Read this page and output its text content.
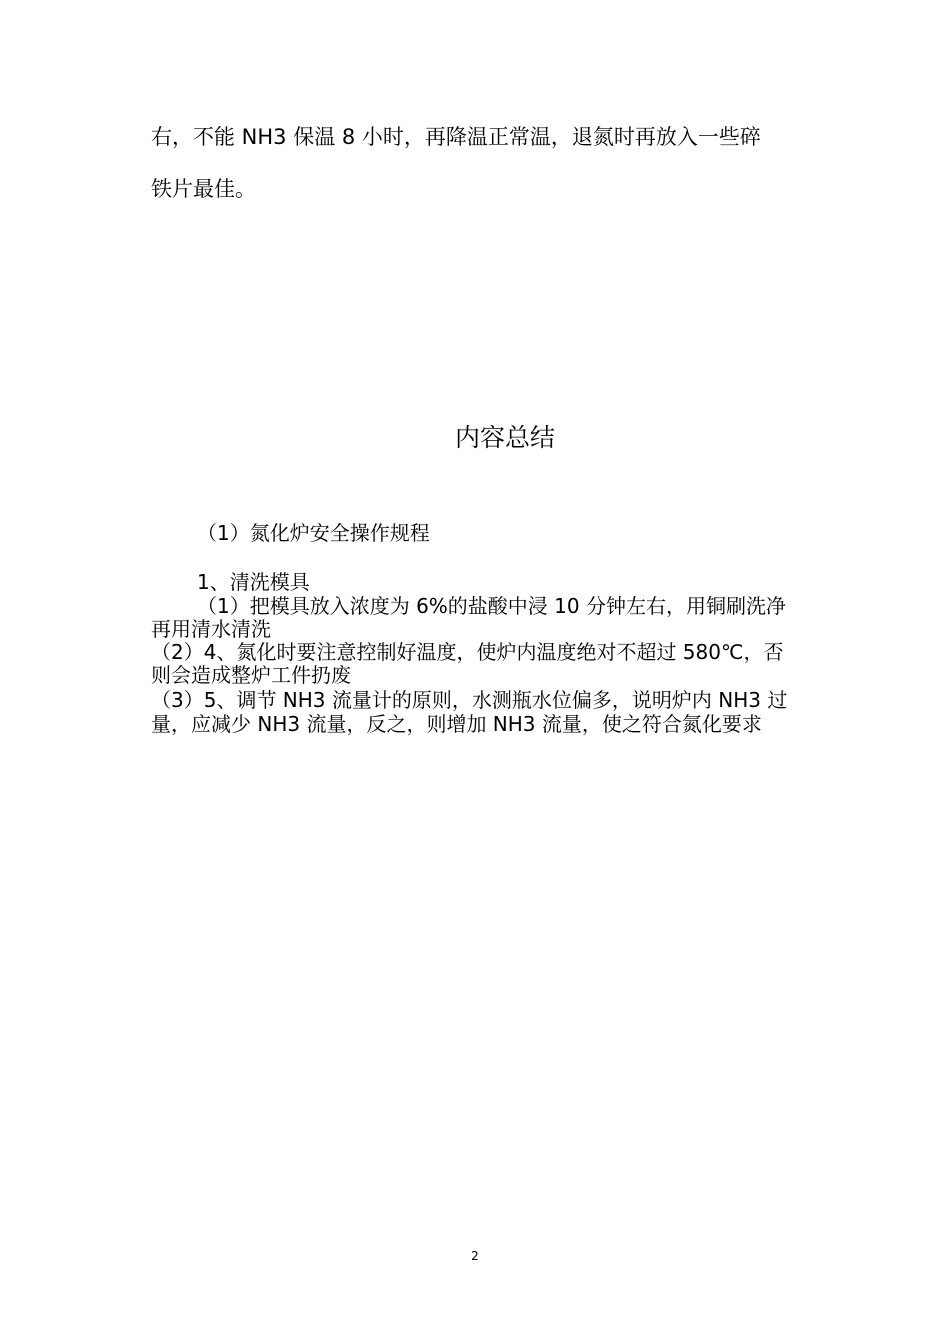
右，不能 NH3 保温 8 小时，再降温正常温，退氮时再放入一些碎
铁片最佳。
内容总结
（1）氮化炉安全操作规程
1、清洗模具
（1）把模具放入浓度为 6%的盐酸中浸 10 分钟左右，用铜刷洗净
再用清水清洗
（2）4、氮化时要注意控制好温度，使炉内温度绝对不超过 580℃，否
则会造成整炉工件扔废
（3）5、调节 NH3 流量计的原则，水测瓶水位偏多，说明炉内 NH3 过
量，应减少 NH3 流量，反之，则增加 NH3 流量，使之符合氮化要求
2
